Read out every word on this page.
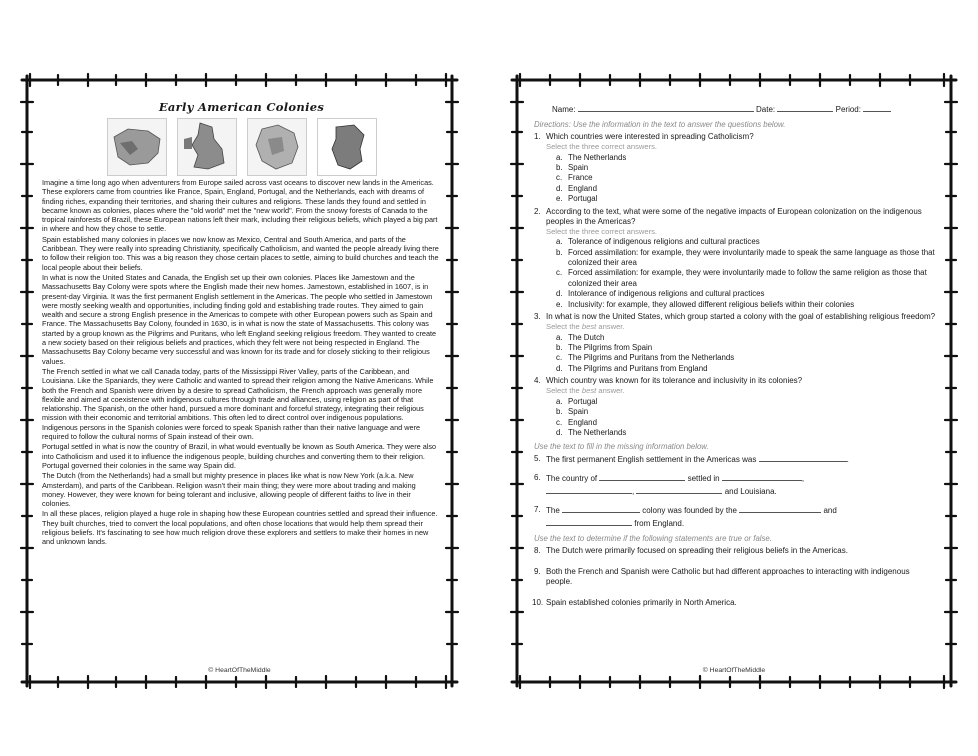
Early American Colonies

Imagine a time long ago when adventurers from Europe sailed across vast oceans to discover new lands in the Americas. These explorers came from countries like France, Spain, England, Portugal, and the Netherlands, each with dreams of finding riches, expanding their territories, and sharing their cultures and religions. These lands they found and settled in became known as colonies, places where the "old world" met the "new world". From the snowy forests of Canada to the tropical rainforests of Brazil, these European nations left their mark, including their religious beliefs, which played a big part in where and how they chose to settle.

Spain established many colonies in places we now know as Mexico, Central and South America, and parts of the Caribbean. They were really into spreading Christianity, specifically Catholicism, and wanted the people already living there to follow their religion too. This was a big reason they chose certain places to settle, aiming to build churches and teach the local people about their beliefs.

In what is now the United States and Canada, the English set up their own colonies. Places like Jamestown and the Massachusetts Bay Colony were spots where the English made their new homes. Jamestown, established in 1607, is in present-day Virginia. It was the first permanent English settlement in the Americas. The people who settled in Jamestown were mostly seeking wealth and opportunities, including finding gold and establishing trade routes. They aimed to gain wealth and secure a strong English presence in the Americas to compete with other European powers such as Spain and France. The Massachusetts Bay Colony, founded in 1630, is in what is now the state of Massachusetts. This colony was started by a group known as the Pilgrims and Puritans, who left England seeking religious freedom. They wanted to create a new society based on their religious beliefs and practices, which they felt were not being respected in England. The Massachusetts Bay Colony became very successful and was known for its trade and for closely sticking to their religious values.

The French settled in what we call Canada today, parts of the Mississippi River Valley, parts of the Caribbean, and Louisiana. Like the Spaniards, they were Catholic and wanted to spread their religion among the Native Americans. While both the French and Spanish were driven by a desire to spread Catholicism, the French approach was generally more flexible and aimed at coexistence with indigenous cultures through trade and alliances, using religion as part of that relationship. The Spanish, on the other hand, pursued a more dominant and forceful strategy, integrating their religious mission with their economic and territorial ambitions. This often led to direct control over indigenous populations. Indigenous persons in the Spanish colonies were forced to speak Spanish rather than their native language and were required to follow the cultural norms of Spain instead of their own.

Portugal settled in what is now the country of Brazil, in what would eventually be known as South America. They were also into Catholicism and used it to influence the indigenous people, building churches and converting them to their religion. Portugal governed their colonies in the same way Spain did.

The Dutch (from the Netherlands) had a small but mighty presence in places like what is now New York (a.k.a. New Amsterdam), and parts of the Caribbean. Religion wasn't their main thing; they were more about trading and making money. However, they were known for being tolerant and inclusive, allowing people of different faiths to live in their colonies.

In all these places, religion played a huge role in shaping how these European countries settled and spread their influence. They built churches, tried to convert the local populations, and often chose locations that would help them spread their religious beliefs. It's fascinating to see how much religion drove these explorers and settlers to make their homes in new and unknown lands.

© HeartOfTheMiddle
Name:	Date:	Period:
Directions: Use the information in the text to answer the questions below.
1. Which countries were interested in spreading Catholicism?
Select the three correct answers.
a. The Netherlands
b. Spain
c. France
d. England
e. Portugal
2. According to the text, what were some of the negative impacts of European colonization on the indigenous peoples in the Americas?
Select the three correct answers.
a. Tolerance of indigenous religions and cultural practices
b. Forced assimilation: for example, they were involuntarily made to speak the same language as those that colonized their area
c. Forced assimilation: for example, they were involuntarily made to follow the same religion as those that colonized their area
d. Intolerance of indigenous religions and cultural practices
e. Inclusivity: for example, they allowed different religious beliefs within their colonies
3. In what is now the United States, which group started a colony with the goal of establishing religious freedom?
Select the best answer.
a. The Dutch
b. The Pilgrims from Spain
c. The Pilgrims and Puritans from the Netherlands
d. The Pilgrims and Puritans from England
4. Which country was known for its tolerance and inclusivity in its colonies?
Select the best answer.
a. Portugal
b. Spain
c. England
d. The Netherlands
Use the text to fill in the missing information below.
5. The first permanent English settlement in the Americas was	.
6. The country of	settled in	,
,	and Louisiana.
7. The	colony was founded by the	and
from England.
Use the text to determine if the following statements are true or false.
8. The Dutch were primarily focused on spreading their religious beliefs in the Americas.
9. Both the French and Spanish were Catholic but had different approaches to interacting with indigenous people.
10. Spain established colonies primarily in North America.
© HeartOfTheMiddle
